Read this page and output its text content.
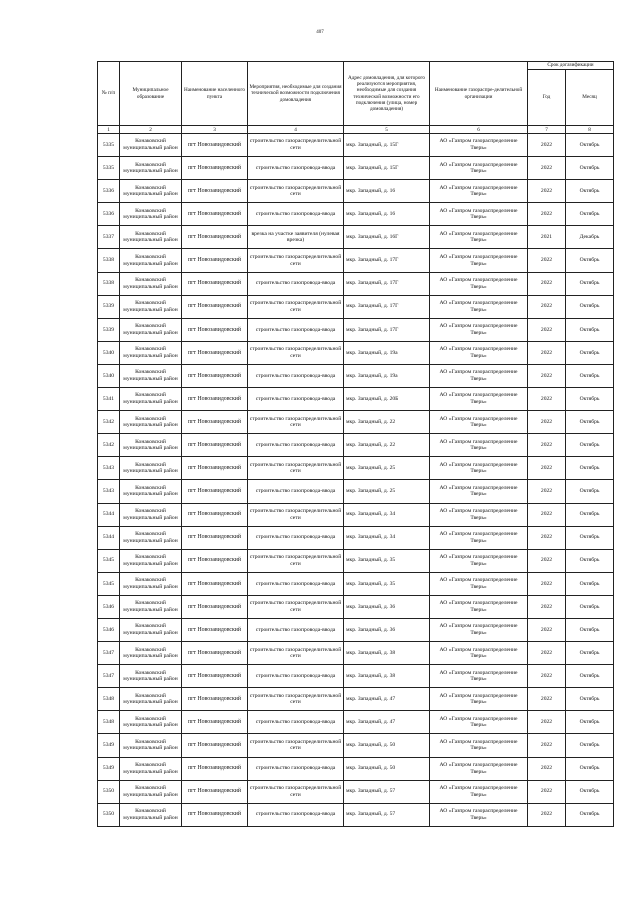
407
№ п/п	Муниципальное образование	Наименование населенного пункта	Мероприятия, необходимые для создания технической возможности подключения домовладения	Адрес домовладения, для которого реализуются мероприятия, необходимые для создания технической возможности его подключения (улица, номер домовладения)	Наименование газораспре-делительной организации	Срок догазификации	
						Год	Месяц
1	2	3	4	5	6	7	8
5335	Конаковский муниципальный район	пгт Новозавидовский	строительство газораспределительной сети	мкр. Западный, д. 15Г	АО «Газпром газораспределение Тверь»	2022	Октябрь
5335	Конаковский муниципальный район	пгт Новозавидовский	строительство газопровода-ввода	мкр. Западный, д. 15Г	АО «Газпром газораспределение Тверь»	2022	Октябрь
5336	Конаковский муниципальный район	пгт Новозавидовский	строительство газораспределительной сети	мкр. Западный, д. 16	АО «Газпром газораспределение Тверь»	2022	Октябрь
5336	Конаковский муниципальный район	пгт Новозавидовский	строительство газопровода-ввода	мкр. Западный, д. 16	АО «Газпром газораспределение Тверь»	2022	Октябрь
5337	Конаковский муниципальный район	пгт Новозавидовский	врезка на участке заявителя (нулевая врезка)	мкр. Западный, д. 16Г	АО «Газпром газораспределение Тверь»	2021	Декабрь
5338	Конаковский муниципальный район	пгт Новозавидовский	строительство газораспределительной сети	мкр. Западный, д. 17Г	АО «Газпром газораспределение Тверь»	2022	Октябрь
5338	Конаковский муниципальный район	пгт Новозавидовский	строительство газопровода-ввода	мкр. Западный, д. 17Г	АО «Газпром газораспределение Тверь»	2022	Октябрь
5339	Конаковский муниципальный район	пгт Новозавидовский	строительство газораспределительной сети	мкр. Западный, д. 17Г	АО «Газпром газораспределение Тверь»	2022	Октябрь
5339	Конаковский муниципальный район	пгт Новозавидовский	строительство газопровода-ввода	мкр. Западный, д. 17Г	АО «Газпром газораспределение Тверь»	2022	Октябрь
5340	Конаковский муниципальный район	пгт Новозавидовский	строительство газораспределительной сети	мкр. Западный, д. 19а	АО «Газпром газораспределение Тверь»	2022	Октябрь
5340	Конаковский муниципальный район	пгт Новозавидовский	строительство газопровода-ввода	мкр. Западный, д. 19а	АО «Газпром газораспределение Тверь»	2022	Октябрь
5341	Конаковский муниципальный район	пгт Новозавидовский	строительство газопровода-ввода	мкр. Западный, д. 20Б	АО «Газпром газораспределение Тверь»	2022	Октябрь
5342	Конаковский муниципальный район	пгт Новозавидовский	строительство газораспределительной сети	мкр. Западный, д. 22	АО «Газпром газораспределение Тверь»	2022	Октябрь
5342	Конаковский муниципальный район	пгт Новозавидовский	строительство газопровода-ввода	мкр. Западный, д. 22	АО «Газпром газораспределение Тверь»	2022	Октябрь
5343	Конаковский муниципальный район	пгт Новозавидовский	строительство газораспределительной сети	мкр. Западный, д. 25	АО «Газпром газораспределение Тверь»	2022	Октябрь
5343	Конаковский муниципальный район	пгт Новозавидовский	строительство газопровода-ввода	мкр. Западный, д. 25	АО «Газпром газораспределение Тверь»	2022	Октябрь
5344	Конаковский муниципальный район	пгт Новозавидовский	строительство газораспределительной сети	мкр. Западный, д. 34	АО «Газпром газораспределение Тверь»	2022	Октябрь
5344	Конаковский муниципальный район	пгт Новозавидовский	строительство газопровода-ввода	мкр. Западный, д. 34	АО «Газпром газораспределение Тверь»	2022	Октябрь
5345	Конаковский муниципальный район	пгт Новозавидовский	строительство газораспределительной сети	мкр. Западный, д. 35	АО «Газпром газораспределение Тверь»	2022	Октябрь
5345	Конаковский муниципальный район	пгт Новозавидовский	строительство газопровода-ввода	мкр. Западный, д. 35	АО «Газпром газораспределение Тверь»	2022	Октябрь
5346	Конаковский муниципальный район	пгт Новозавидовский	строительство газораспределительной сети	мкр. Западный, д. 36	АО «Газпром газораспределение Тверь»	2022	Октябрь
5346	Конаковский муниципальный район	пгт Новозавидовский	строительство газопровода-ввода	мкр. Западный, д. 36	АО «Газпром газораспределение Тверь»	2022	Октябрь
5347	Конаковский муниципальный район	пгт Новозавидовский	строительство газораспределительной сети	мкр. Западный, д. 38	АО «Газпром газораспределение Тверь»	2022	Октябрь
5347	Конаковский муниципальный район	пгт Новозавидовский	строительство газопровода-ввода	мкр. Западный, д. 38	АО «Газпром газораспределение Тверь»	2022	Октябрь
5348	Конаковский муниципальный район	пгт Новозавидовский	строительство газораспределительной сети	мкр. Западный, д. 47	АО «Газпром газораспределение Тверь»	2022	Октябрь
5348	Конаковский муниципальный район	пгт Новозавидовский	строительство газопровода-ввода	мкр. Западный, д. 47	АО «Газпром газораспределение Тверь»	2022	Октябрь
5349	Конаковский муниципальный район	пгт Новозавидовский	строительство газораспределительной сети	мкр. Западный, д. 50	АО «Газпром газораспределение Тверь»	2022	Октябрь
5349	Конаковский муниципальный район	пгт Новозавидовский	строительство газопровода-ввода	мкр. Западный, д. 50	АО «Газпром газораспределение Тверь»	2022	Октябрь
5350	Конаковский муниципальный район	пгт Новозавидовский	строительство газораспределительной сети	мкр. Западный, д. 57	АО «Газпром газораспределение Тверь»	2022	Октябрь
5350	Конаковский муниципальный район	пгт Новозавидовский	строительство газопровода-ввода	мкр. Западный, д. 57	АО «Газпром газораспределение Тверь»	2022	Октябрь
